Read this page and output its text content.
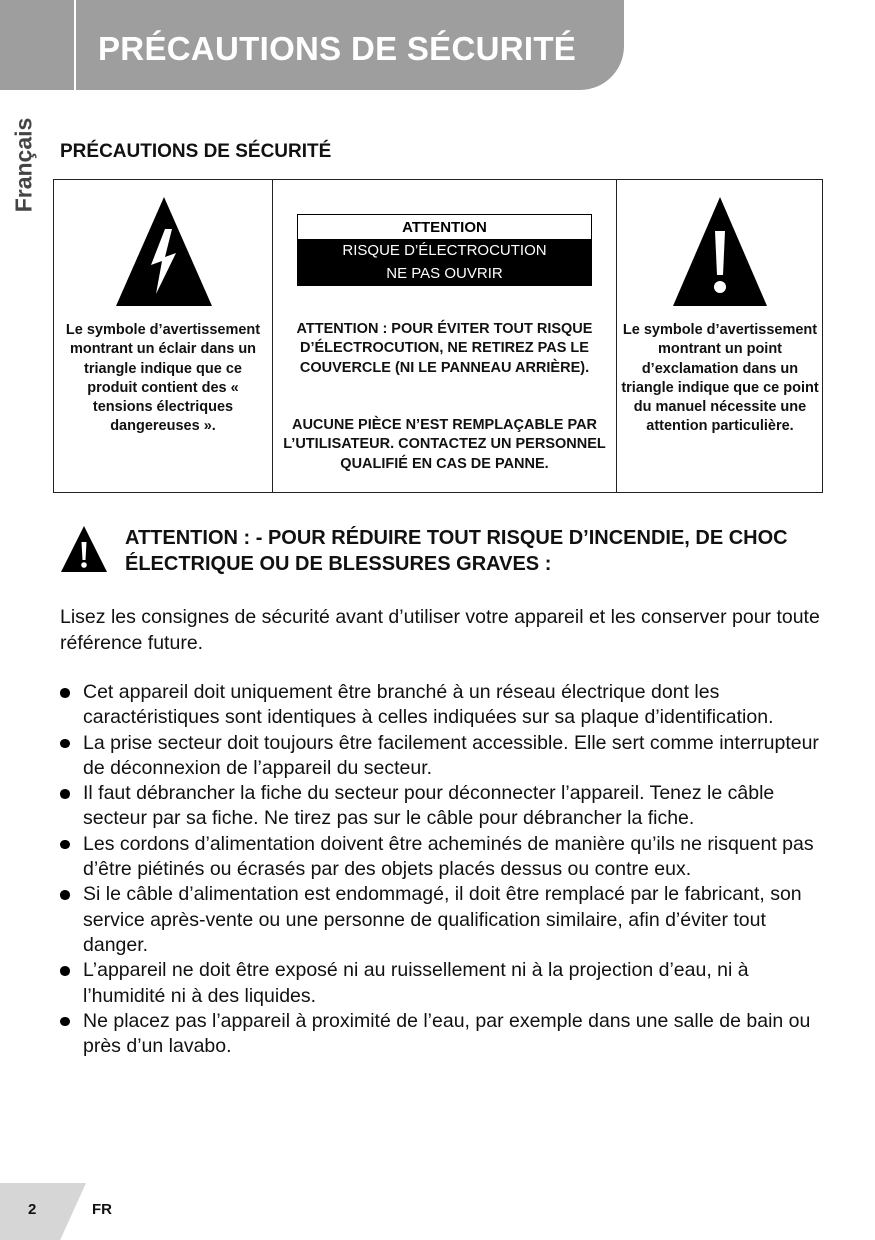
PRÉCAUTIONS DE SÉCURITÉ
Français PRÉCAUTIONS DE SÉCURITÉ

Le symbole d’avertissement montrant un éclair dans un triangle indique que ce produit contient des « tensions électriques dangereuses ».

ATTENTION
RISQUE D’ÉLECTROCUTION
NE PAS OUVRIR

ATTENTION : POUR ÉVITER TOUT RISQUE D’ÉLECTROCUTION, NE RETIREZ PAS LE COUVERCLE (NI LE PANNEAU ARRIÈRE).

AUCUNE PIÈCE N’EST REMPLAÇABLE PAR L’UTILISATEUR. CONTACTEZ UN PERSONNEL QUALIFIÉ EN CAS DE PANNE.

Le symbole d’avertissement montrant un point d’exclamation dans un triangle indique que ce point du manuel nécessite une attention particulière.

ATTENTION : - POUR RÉDUIRE TOUT RISQUE D’INCENDIE, DE CHOC ÉLECTRIQUE OU DE BLESSURES GRAVES :

Lisez les consignes de sécurité avant d’utiliser votre appareil et les conserver pour toute référence future.

Cet appareil doit uniquement être branché à un réseau électrique dont les caractéristiques sont identiques à celles indiquées sur sa plaque d’identification.
La prise secteur doit toujours être facilement accessible. Elle sert comme interrupteur de déconnexion de l’appareil du secteur.
Il faut débrancher la fiche du secteur pour déconnecter l’appareil. Tenez le câble secteur par sa fiche. Ne tirez pas sur le câble pour débrancher la fiche.
Les cordons d’alimentation doivent être acheminés de manière qu’ils ne risquent pas d’être piétinés ou écrasés par des objets placés dessus ou contre eux.
Si le câble d’alimentation est endommagé, il doit être remplacé par le fabricant, son service après-vente ou une personne de qualification similaire, afin d’éviter tout danger.
L’appareil ne doit être exposé ni au ruissellement ni à la projection d’eau, ni à l’humidité ni à des liquides.
Ne placez pas l’appareil à proximité de l’eau, par exemple dans une salle de bain ou près d’un lavabo.
2	FR
